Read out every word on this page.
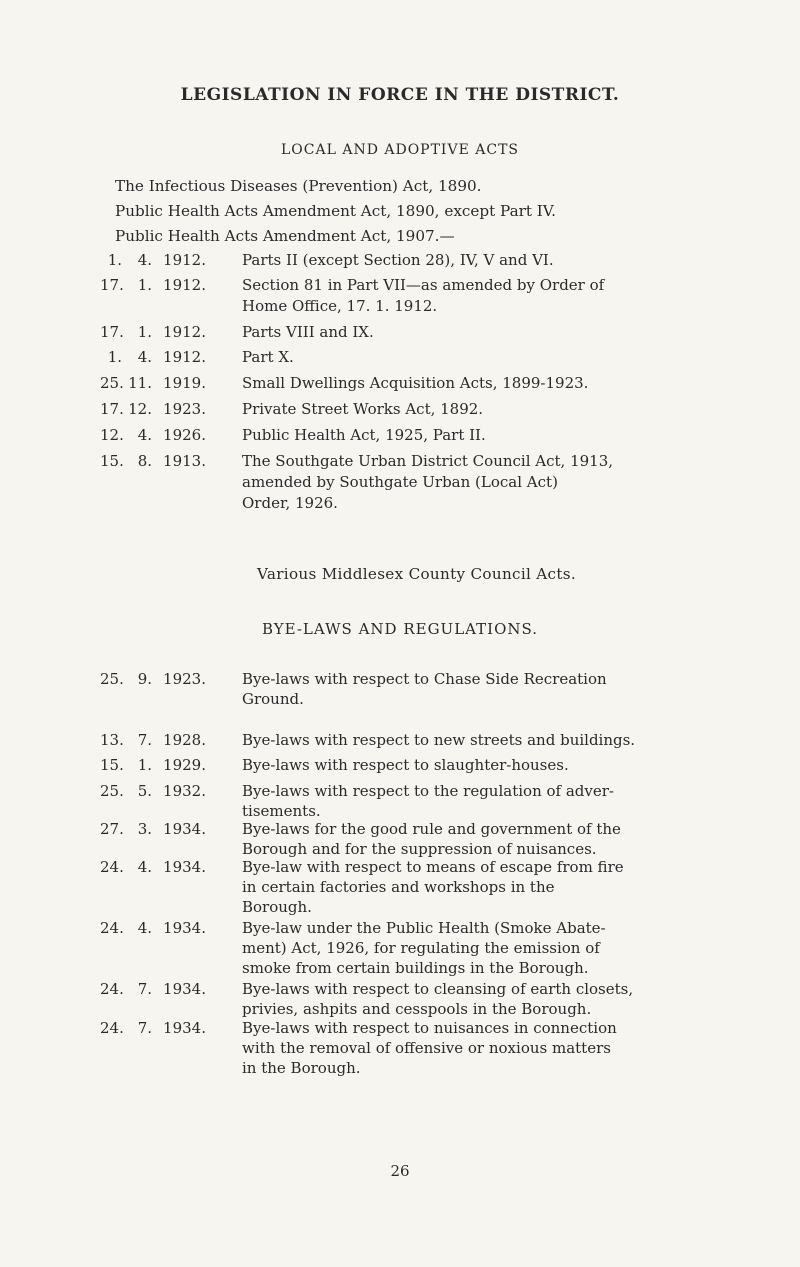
LEGISLATION IN FORCE IN THE DISTRICT.
LOCAL AND ADOPTIVE ACTS
The Infectious Diseases (Prevention) Act, 1890.
Public Health Acts Amendment Act, 1890, except Part IV.
Public Health Acts Amendment Act, 1907.—
1. 4. 1912.	Parts II (except Section 28), IV, V and VI.
17. 1. 1912.	Section 81 in Part VII—as amended by Order of
Home Office, 17. 1. 1912.
17. 1. 1912.	Parts VIII and IX.
1. 4. 1912.	Part X.
25. 11. 1919.	Small Dwellings Acquisition Acts, 1899-1923.
17. 12. 1923.	Private Street Works Act, 1892.
12. 4. 1926.	Public Health Act, 1925, Part II.
15. 8. 1913.	The Southgate Urban District Council Act, 1913,
amended by Southgate Urban (Local Act)
Order, 1926.
Various Middlesex County Council Acts.
BYE-LAWS AND REGULATIONS.
25. 9. 1923.	Bye-laws with respect to Chase Side Recreation
Ground.
13. 7. 1928.	Bye-laws with respect to new streets and buildings.
15. 1. 1929.	Bye-laws with respect to slaughter-houses.
25. 5. 1932.	Bye-laws with respect to the regulation of adver-
tisements.
27. 3. 1934.	Bye-laws for the good rule and government of the
Borough and for the suppression of nuisances.
24. 4. 1934.	Bye-law with respect to means of escape from fire
in certain factories and workshops in the
Borough.
24. 4. 1934.	Bye-law under the Public Health (Smoke Abate-
ment) Act, 1926, for regulating the emission of
smoke from certain buildings in the Borough.
24. 7. 1934.	Bye-laws with respect to cleansing of earth closets,
privies, ashpits and cesspools in the Borough.
24. 7. 1934.	Bye-laws with respect to nuisances in connection
with the removal of offensive or noxious matters
in the Borough.
26
